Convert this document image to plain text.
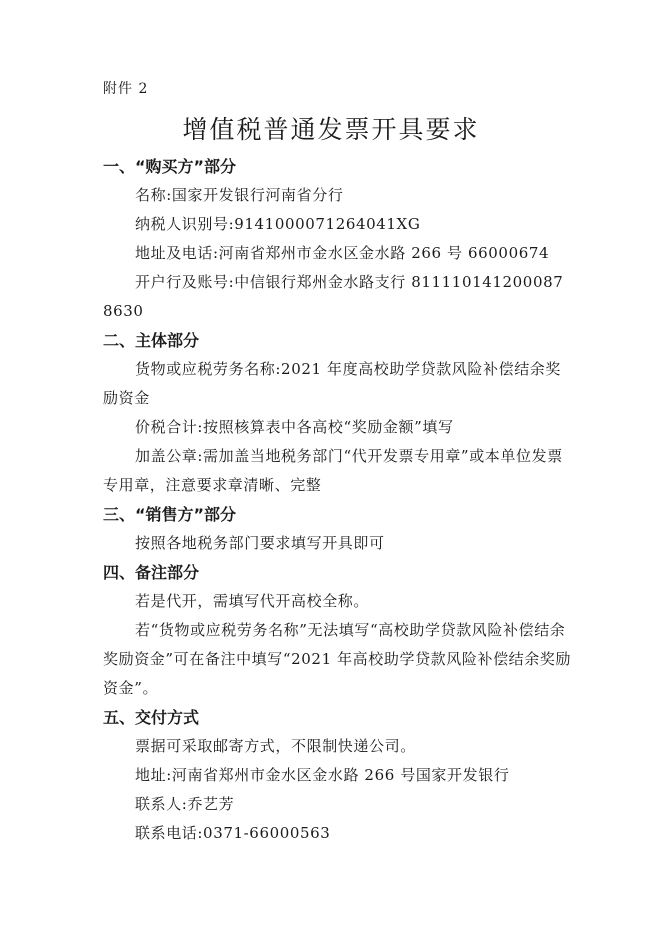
附件 2
增值税普通发票开具要求
一、“购买方”部分

名称:国家开发银行河南省分行

纳税人识别号:9141000071264041XG

地址及电话:河南省郑州市金水区金水路 266 号 66000674

开户行及账号:中信银行郑州金水路支行 8111101412000878630

二、主体部分

货物或应税劳务名称:2021 年度高校助学贷款风险补偿结余奖励资金

价税合计:按照核算表中各高校“奖励金额”填写

加盖公章:需加盖当地税务部门“代开发票专用章”或本单位发票专用章，注意要求章清晰、完整

三、“销售方”部分

按照各地税务部门要求填写开具即可

四、备注部分

若是代开，需填写代开高校全称。

若“货物或应税劳务名称”无法填写“高校助学贷款风险补偿结余奖励资金”可在备注中填写“2021 年高校助学贷款风险补偿结余奖励资金”。

五、交付方式

票据可采取邮寄方式，不限制快递公司。

地址:河南省郑州市金水区金水路 266 号国家开发银行

联系人:乔艺芳

联系电话:0371-66000563
